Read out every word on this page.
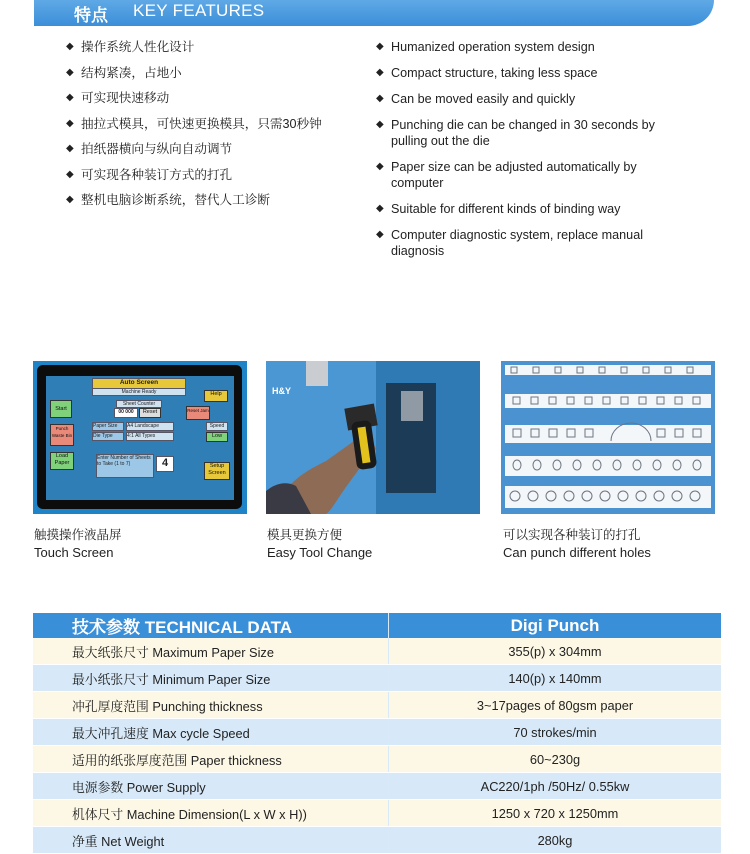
特点 KEY FEATURES
◆ 操作系统人性化设计
◆ 结构紧凑，占地小
◆ 可实现快速移动
◆ 抽拉式模具，可快速更换模具，只需30秒钟
◆ 拍纸器横向与纵向自动调节
◆ 可实现各种装订方式的打孔
◆ 整机电脑诊断系统，替代人工诊断
◆ Humanized operation system design
◆ Compact structure, taking less space
◆ Can be moved easily and quickly
◆ Punching die can be changed in 30 seconds by pulling out the die
◆ Paper size can be adjusted automatically by computer
◆ Suitable for different kinds of binding way
◆ Computer diagnostic system, replace manual diagnosis
Auto Screen
Machine Ready	Help
Start
Punch Waste Bin
Load Paper
Sheet Counter
00 000	Reset	Reset Jam
Paper Size	A4 Landscape
Die Type	4:1 All Types
Speed
Low
Enter Number of Sheets to Take (1 to 7)	4	Setup Screen
H&Y
触摸操作液晶屏
Touch Screen
模具更换方便
Easy Tool Change
可以实现各种装订的打孔
Can punch different holes
技术参数 TECHNICAL DATA	Digi Punch
最大纸张尺寸 Maximum Paper Size	355(p) x 304mm
最小纸张尺寸 Minimum Paper Size	140(p) x 140mm
冲孔厚度范围 Punching thickness	3~17pages of 80gsm paper
最大冲孔速度 Max cycle Speed	70 strokes/min
适用的纸张厚度范围 Paper thickness	60~230g
电源参数 Power Supply	AC220/1ph /50Hz/ 0.55kw
机体尺寸 Machine Dimension(L x W x H))	1250 x 720 x 1250mm
净重 Net Weight	280kg
